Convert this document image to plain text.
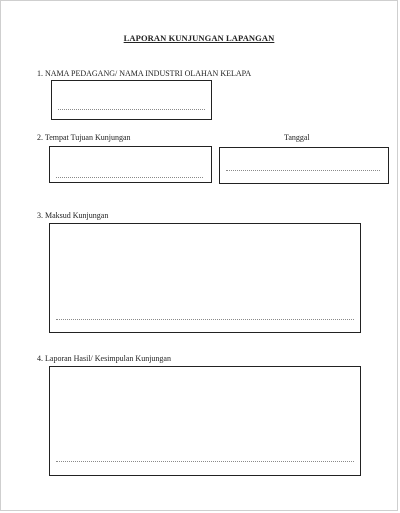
LAPORAN KUNJUNGAN LAPANGAN
1. NAMA PEDAGANG/ NAMA INDUSTRI OLAHAN KELAPA
2. Tempat Tujuan Kunjungan	Tanggal
3. Maksud Kunjungan
4. Laporan Hasil/ Kesimpulan Kunjungan
